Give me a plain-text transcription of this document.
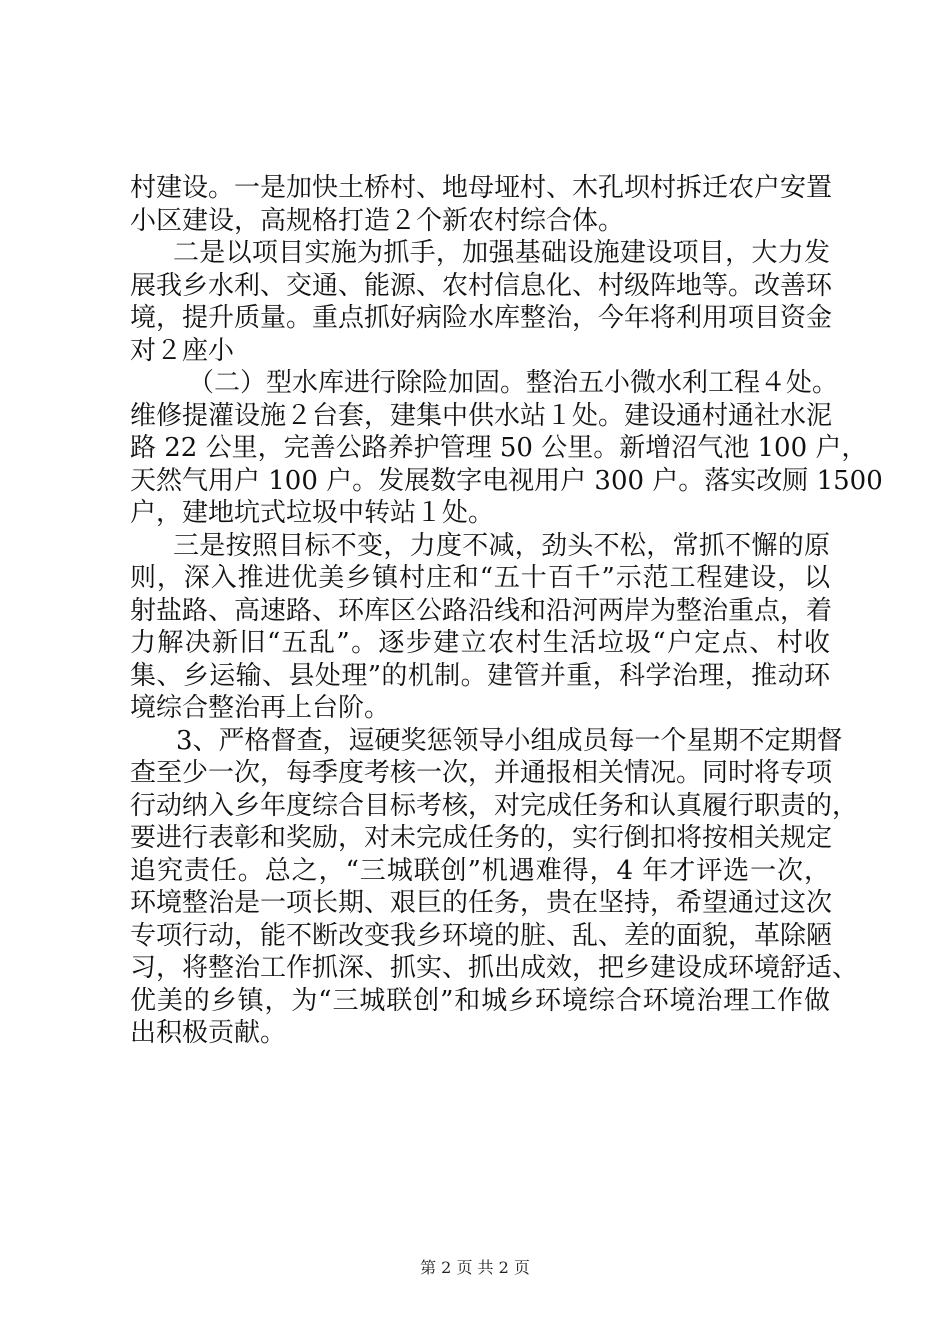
村建设。一是加快土桥村、地母垭村、木孔坝村拆迁农户安置
小区建设，高规格打造２个新农村综合体。
二是以项目实施为抓手，加强基础设施建设项目，大力发
展我乡水利、交通、能源、农村信息化、村级阵地等。改善环
境，提升质量。重点抓好病险水库整治，今年将利用项目资金
对２座小
（二）型水库进行除险加固。整治五小微水利工程４处。
维修提灌设施２台套，建集中供水站１处。建设通村通社水泥
路 22 公里，完善公路养护管理 50 公里。新增沼气池 100 户，
天然气用户 100 户。发展数字电视用户 300 户。落实改厕 1500
户，建地坑式垃圾中转站１处。
三是按照目标不变，力度不减，劲头不松，常抓不懈的原
则，深入推进优美乡镇村庄和“五十百千”示范工程建设，以
射盐路、高速路、环库区公路沿线和沿河两岸为整治重点，着
力解决新旧“五乱”。逐步建立农村生活垃圾“户定点、村收
集、乡运输、县处理”的机制。建管并重，科学治理，推动环
境综合整治再上台阶。
3、严格督查，逗硬奖惩领导小组成员每一个星期不定期督
查至少一次，每季度考核一次，并通报相关情况。同时将专项
行动纳入乡年度综合目标考核，对完成任务和认真履行职责的，
要进行表彰和奖励，对未完成任务的，实行倒扣将按相关规定
追究责任。总之，“三城联创”机遇难得，4 年才评选一次，
环境整治是一项长期、艰巨的任务，贵在坚持，希望通过这次
专项行动，能不断改变我乡环境的脏、乱、差的面貌，革除陋
习，将整治工作抓深、抓实、抓出成效，把乡建设成环境舒适、
优美的乡镇，为“三城联创”和城乡环境综合环境治理工作做
出积极贡献。
第 2 页 共 2 页
